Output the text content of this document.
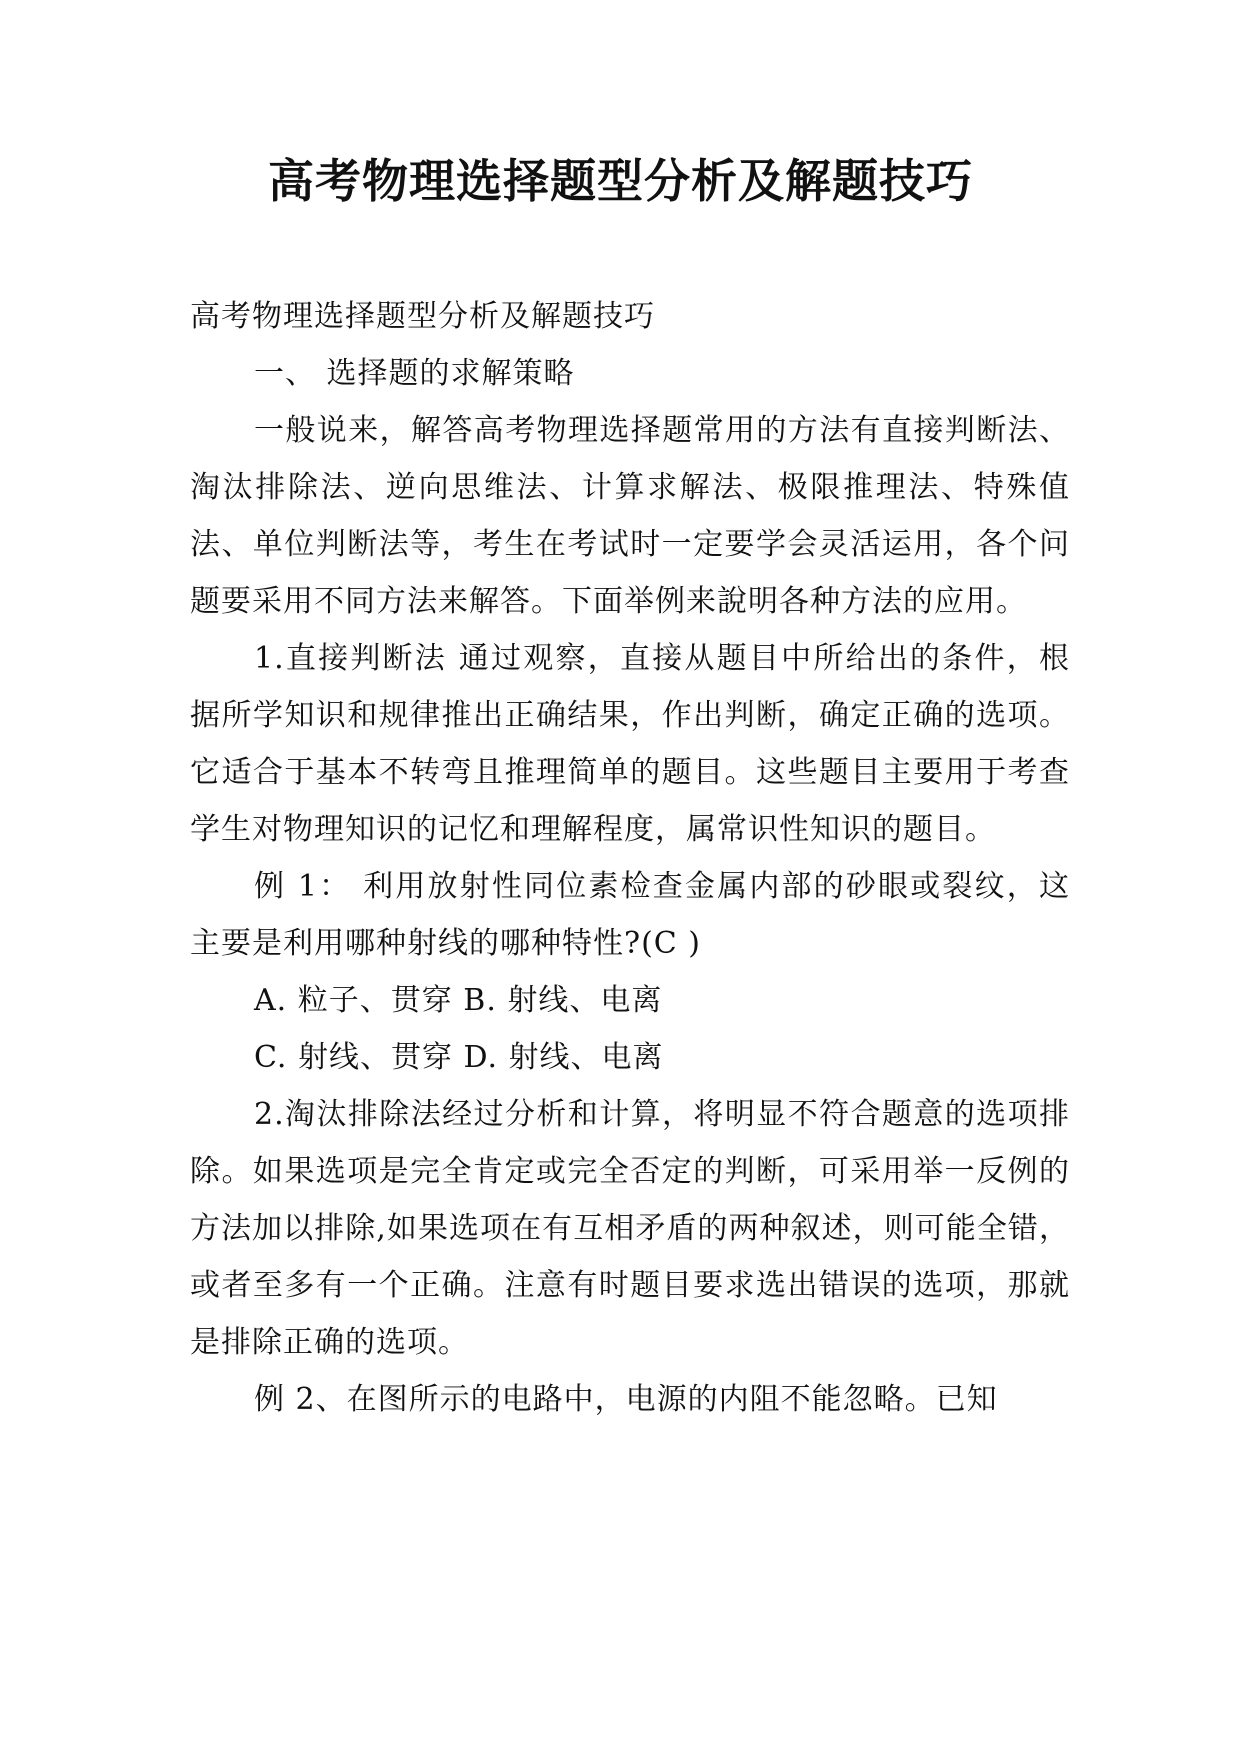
高考物理选择题型分析及解题技巧

高考物理选择题型分析及解题技巧

一、 选择题的求解策略

一般说来，解答高考物理选择题常用的方法有直接判断法、淘汰排除法、逆向思维法、计算求解法、极限推理法、特殊值法、单位判断法等，考生在考试时一定要学会灵活运用，各个问题要采用不同方法来解答。下面举例来說明各种方法的应用。

1.直接判断法 通过观察，直接从题目中所给出的条件，根据所学知识和规律推出正确结果，作出判断，确定正确的选项。它适合于基本不转弯且推理简单的题目。这些题目主要用于考查学生对物理知识的记忆和理解程度，属常识性知识的题目。

例 1： 利用放射性同位素检查金属内部的砂眼或裂纹，这主要是利用哪种射线的哪种特性?(C )

A. 粒子、贯穿 B. 射线、电离

C. 射线、贯穿 D. 射线、电离

2.淘汰排除法经过分析和计算，将明显不符合题意的选项排除。如果选项是完全肯定或完全否定的判断，可采用举一反例的方法加以排除,如果选项在有互相矛盾的两种叙述，则可能全错，或者至多有一个正确。注意有时题目要求选出错误的选项，那就是排除正确的选项。

例 2、在图所示的电路中，电源的内阻不能忽略。已知
